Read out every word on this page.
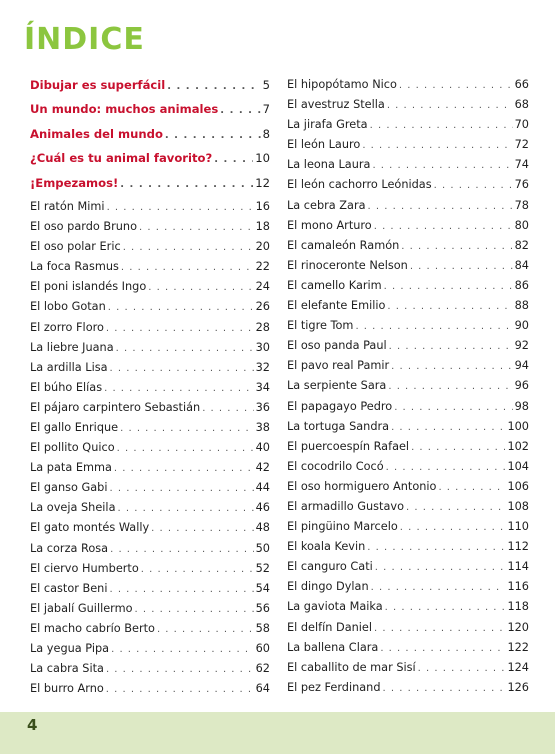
ÍNDICE
Dibujar es superfácil . . .	5
Un mundo: muchos animales . . .	7
Animales del mundo . . .	8
¿Cuál es tu animal favorito? . . .	10
¡Empezamos! . . .	12
El ratón Mimi . . .	16
El oso pardo Bruno . . .	18
El oso polar Eric . . .	20
La foca Rasmus . . .	22
El poni islandés Ingo . . .	24
El lobo Gotan . . .	26
El zorro Floro . . .	28
La liebre Juana . . .	30
La ardilla Lisa . . .	32
El búho Elías . . .	34
El pájaro carpintero Sebastián . . .	36
El gallo Enrique . . .	38
El pollito Quico . . .	40
La pata Emma . . .	42
El ganso Gabi . . .	44
La oveja Sheila . . .	46
El gato montés Wally . . .	48
La corza Rosa . . .	50
El ciervo Humberto . . .	52
El castor Beni . . .	54
El jabalí Guillermo . . .	56
El macho cabrío Berto . . .	58
La yegua Pipa . . .	60
La cabra Sita . . .	62
El burro Arno . . .	64
El hipopótamo Nico . . .	66
El avestruz Stella . . .	68
La jirafa Greta . . .	70
El león Lauro . . .	72
La leona Laura . . .	74
El león cachorro Leónidas . . .	76
La cebra Zara . . .	78
El mono Arturo . . .	80
El camaleón Ramón . . .	82
El rinoceronte Nelson . . .	84
El camello Karim . . .	86
El elefante Emilio . . .	88
El tigre Tom . . .	90
El oso panda Paul . . .	92
El pavo real Pamir . . .	94
La serpiente Sara . . .	96
El papagayo Pedro . . .	98
La tortuga Sandra . . .	100
El puercoespín Rafael . . .	102
El cocodrilo Cocó . . .	104
El oso hormiguero Antonio . . .	106
El armadillo Gustavo . . .	108
El pingüino Marcelo . . .	110
El koala Kevin . . .	112
El canguro Cati . . .	114
El dingo Dylan . . .	116
La gaviota Maika . . .	118
El delfín Daniel . . .	120
La ballena Clara . . .	122
El caballito de mar Sisí . . .	124
El pez Ferdinand . . .	126
4
